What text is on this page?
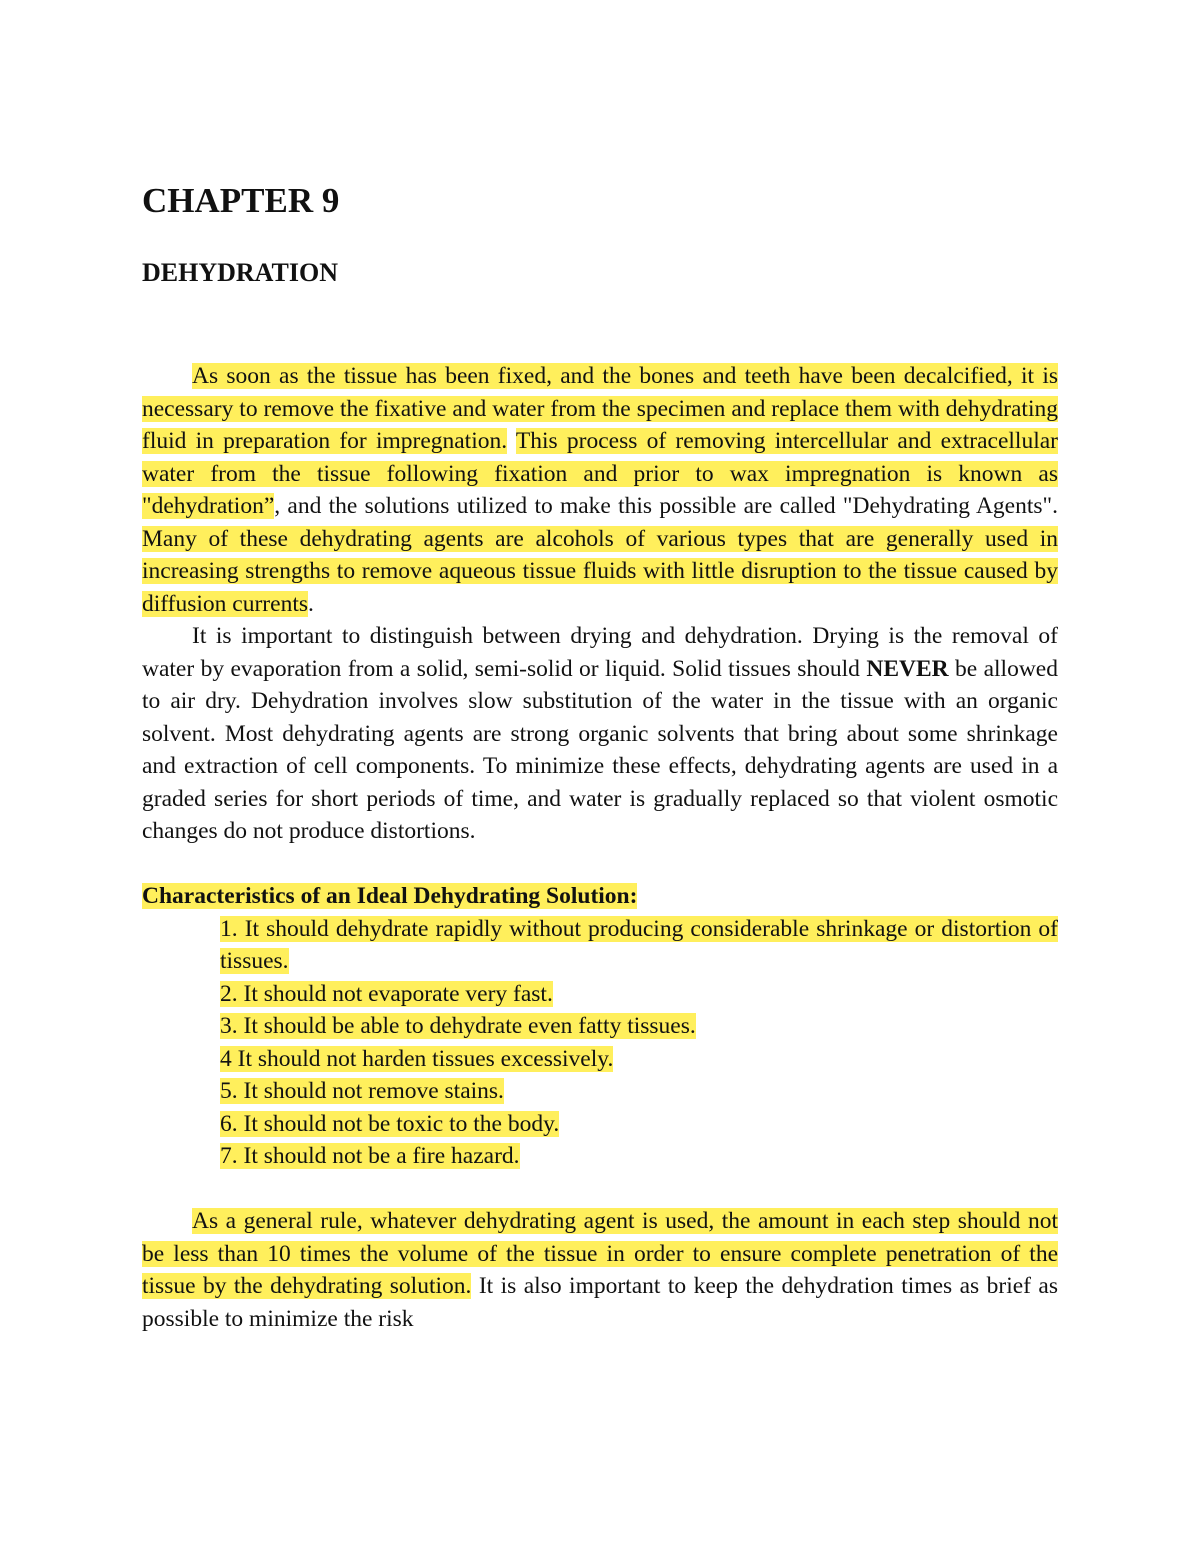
CHAPTER 9
DEHYDRATION

As soon as the tissue has been fixed, and the bones and teeth have been decalcified, it is necessary to remove the fixative and water from the specimen and replace them with dehydrating fluid in preparation for impregnation. This process of removing intercellular and extracellular water from the tissue following fixation and prior to wax impregnation is known as "dehydration”, and the solutions utilized to make this possible are called "Dehydrating Agents". Many of these dehydrating agents are alcohols of various types that are generally used in increasing strengths to remove aqueous tissue fluids with little disruption to the tissue caused by diffusion currents.

It is important to distinguish between drying and dehydration. Drying is the removal of water by evaporation from a solid, semi-solid or liquid. Solid tissues should NEVER be allowed to air dry. Dehydration involves slow substitution of the water in the tissue with an organic solvent. Most dehydrating agents are strong organic solvents that bring about some shrinkage and extraction of cell components. To minimize these effects, dehydrating agents are used in a graded series for short periods of time, and water is gradually replaced so that violent osmotic changes do not produce distortions.

Characteristics of an Ideal Dehydrating Solution:

1. It should dehydrate rapidly without producing considerable shrinkage or distortion of tissues.
2. It should not evaporate very fast.
3. It should be able to dehydrate even fatty tissues.
4 It should not harden tissues excessively.
5. It should not remove stains.
6. It should not be toxic to the body.
7. It should not be a fire hazard.

As a general rule, whatever dehydrating agent is used, the amount in each step should not be less than 10 times the volume of the tissue in order to ensure complete penetration of the tissue by the dehydrating solution. It is also important to keep the dehydration times as brief as possible to minimize the risk
